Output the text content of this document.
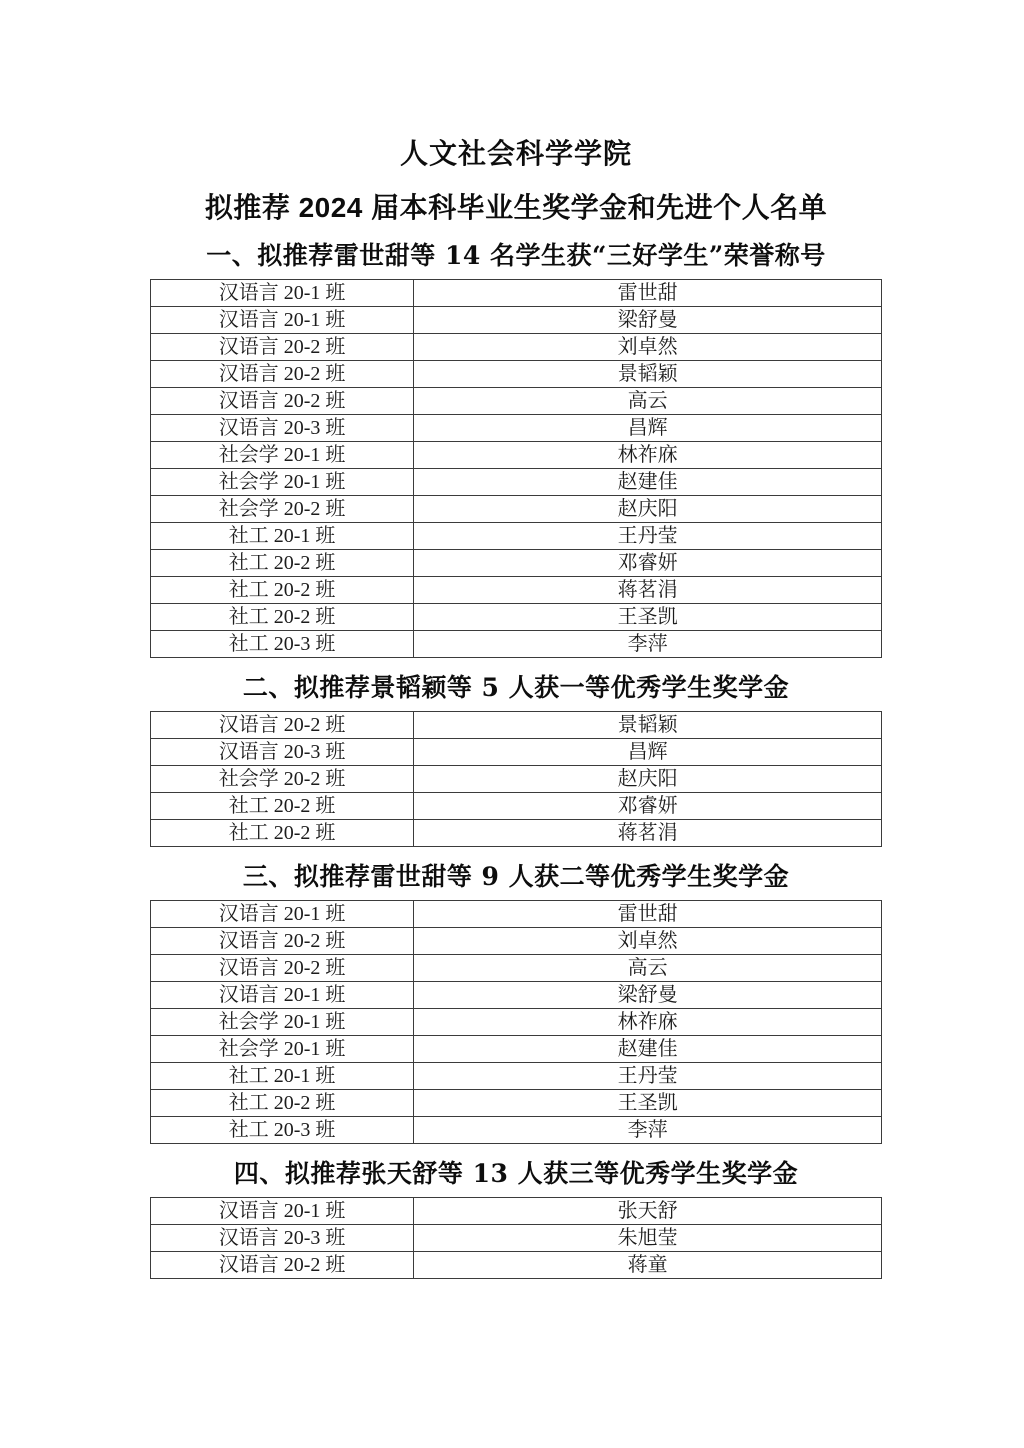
人文社会科学学院
拟推荐 2024 届本科毕业生奖学金和先进个人名单
一、拟推荐雷世甜等 14 名学生获“三好学生”荣誉称号
汉语言 20-1 班	雷世甜
汉语言 20-1 班	梁舒曼
汉语言 20-2 班	刘卓然
汉语言 20-2 班	景韬颖
汉语言 20-2 班	高云
汉语言 20-3 班	昌辉
社会学 20-1 班	林祚庥
社会学 20-1 班	赵建佳
社会学 20-2 班	赵庆阳
社工 20-1 班	王丹莹
社工 20-2 班	邓睿妍
社工 20-2 班	蒋茗涓
社工 20-2 班	王圣凯
社工 20-3 班	李萍
二、拟推荐景韬颖等 5 人获一等优秀学生奖学金
汉语言 20-2 班	景韬颖
汉语言 20-3 班	昌辉
社会学 20-2 班	赵庆阳
社工 20-2 班	邓睿妍
社工 20-2 班	蒋茗涓
三、拟推荐雷世甜等 9 人获二等优秀学生奖学金
汉语言 20-1 班	雷世甜
汉语言 20-2 班	刘卓然
汉语言 20-2 班	高云
汉语言 20-1 班	梁舒曼
社会学 20-1 班	林祚庥
社会学 20-1 班	赵建佳
社工 20-1 班	王丹莹
社工 20-2 班	王圣凯
社工 20-3 班	李萍
四、拟推荐张天舒等 13 人获三等优秀学生奖学金
汉语言 20-1 班	张天舒
汉语言 20-3 班	朱旭莹
汉语言 20-2 班	蒋童
